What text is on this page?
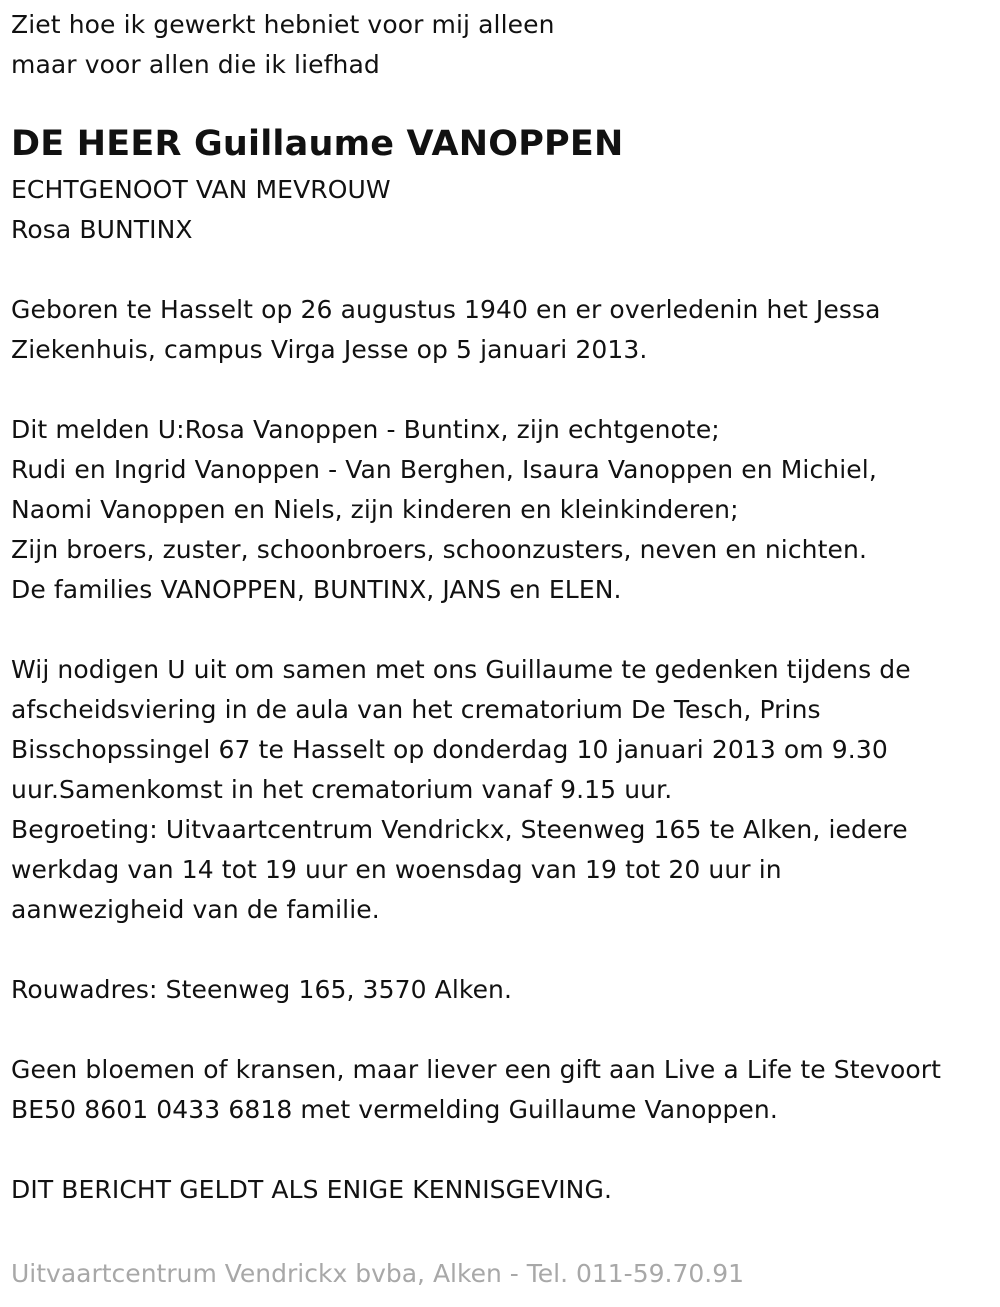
Ziet hoe ik gewerkt hebniet voor mij alleen
maar voor allen die ik liefhad
DE HEER Guillaume VANOPPEN
ECHTGENOOT VAN MEVROUW
Rosa BUNTINX
Geboren te Hasselt op 26 augustus 1940 en er overledenin het Jessa
Ziekenhuis, campus Virga Jesse op 5 januari 2013.
Dit melden U:Rosa Vanoppen - Buntinx, zijn echtgenote;
Rudi en Ingrid Vanoppen - Van Berghen, Isaura Vanoppen en Michiel,
Naomi Vanoppen en Niels, zijn kinderen en kleinkinderen;
Zijn broers, zuster, schoonbroers, schoonzusters, neven en nichten.
De families VANOPPEN, BUNTINX, JANS en ELEN.
Wij nodigen U uit om samen met ons Guillaume te gedenken tijdens de
afscheidsviering in de aula van het crematorium De Tesch, Prins
Bisschopssingel 67 te Hasselt op donderdag 10 januari 2013 om 9.30
uur.Samenkomst in het crematorium vanaf 9.15 uur.
Begroeting: Uitvaartcentrum Vendrickx, Steenweg 165 te Alken, iedere
werkdag van 14 tot 19 uur en woensdag van 19 tot 20 uur in
aanwezigheid van de familie.
Rouwadres: Steenweg 165, 3570 Alken.
Geen bloemen of kransen, maar liever een gift aan Live a Life te Stevoort
BE50 8601 0433 6818 met vermelding Guillaume Vanoppen.
DIT BERICHT GELDT ALS ENIGE KENNISGEVING.
Uitvaartcentrum Vendrickx bvba, Alken - Tel. 011-59.70.91
